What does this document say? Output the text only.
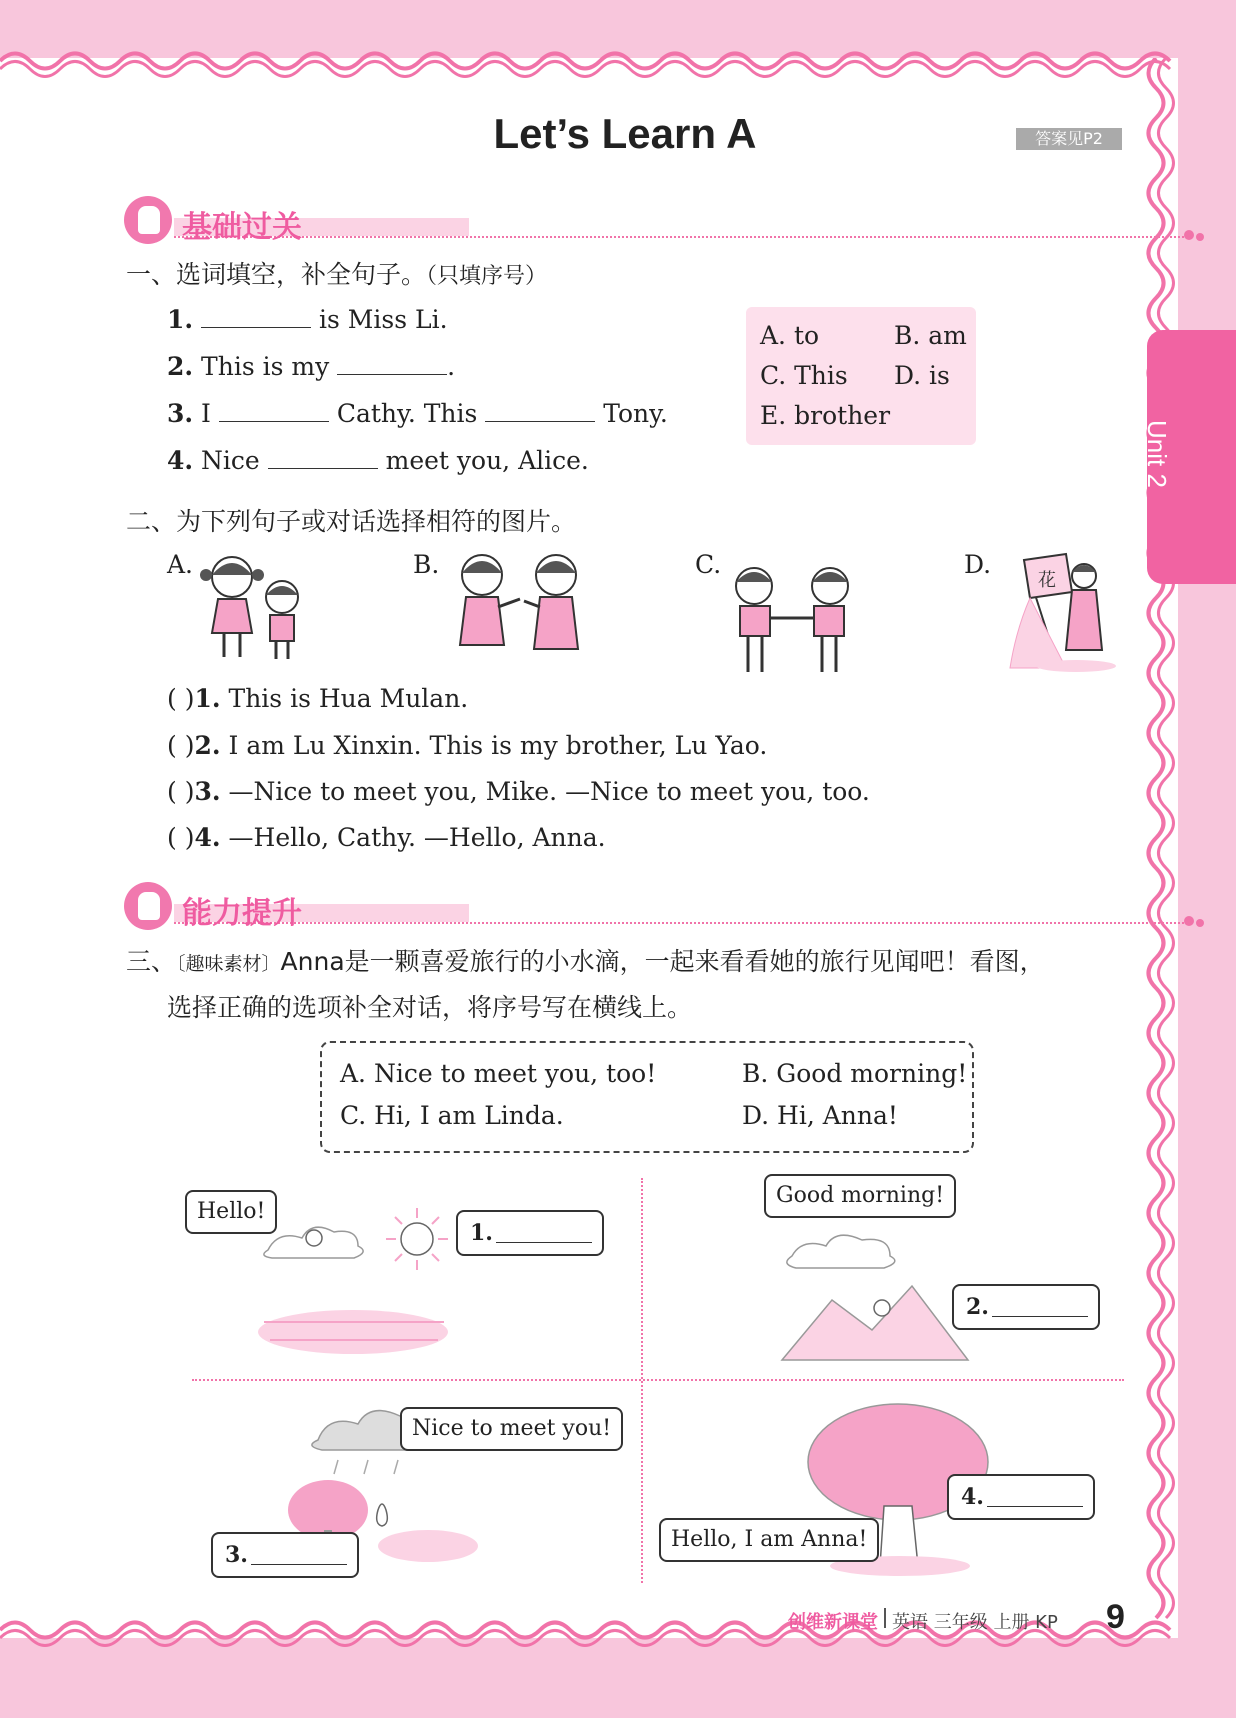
Unit 2
Let’s Learn A	答案见P2
基础过关
一、选词填空，补全句子。（只填序号）
1.	is Miss Li.
2. This is my	.
3. I	Cathy. This	Tony.
4. Nice	meet you, Alice.
A. to	B. am
C. This D. is
E. brother
二、为下列句子或对话选择相符的图片。
A.	B.	C.	D.
花
( )1. This is Hua Mulan.
( )2. I am Lu Xinxin. This is my brother, Lu Yao.
( )3. —Nice to meet you, Mike. —Nice to meet you, too.
( )4. —Hello, Cathy. —Hello, Anna.
能力提升
三、〔趣味素材〕Anna是一颗喜爱旅行的小水滴，一起来看看她的旅行见闻吧！看图，
选择正确的选项补全对话，将序号写在横线上。
A. Nice to meet you, too!	B. Good morning!
C. Hi, I am Linda.	D. Hi, Anna!
Hello!
1.
Good morning!
2.
Nice to meet you!
3.
Hello, I am Anna!
4.
创维新课堂 英语 三年级 上册 KP 9
